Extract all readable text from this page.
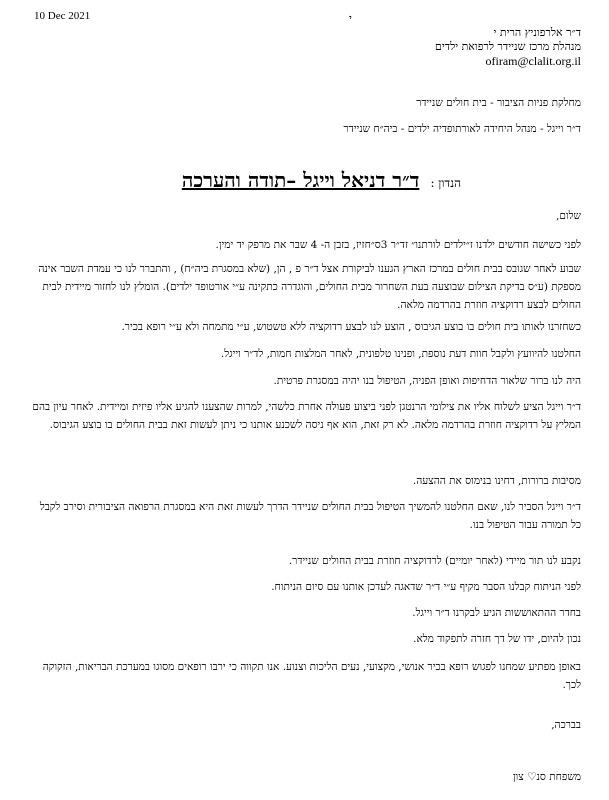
10 Dec 2021	י
ד״ר אלרפוניץ הרית י
מנהלת מרכז שניידר לרפואת ילדים
ofiram@clalit.org.il
מחלקת פניות הציבור - בית חולים שניידר
ד״ר וייגל - מנהל היחידה לאורתופדיה ילדים - ביה״ח שניידר
הנדון : ד״ר דניאל וייגל –תודה והערכה
שלום,
לפני כשישה חודשים ילדנו ז״ילדים לורתנו״ זד״ר 3ס״חזיז, בזבן ה- 4 שבר את מרפק יד ימין.
שבוע לאחר שגובס בבית חולים במרכז הארץ הגענו לביקורת אצל ד״ר פ , הן, (שלא במסגרת ביה״ח) , והתברר לנו כי עמדת השבר אינה מספקת (ע״ס בדיקת הצילום שבוצעה בעת השחרור מבית החולים, והוגדרה כתקינה ע״י אורטופד ילדים). הומלץ לנו לחזור מיידית לבית החולים לבצע רדוקציה חוזרת בהרדמה מלאה.
כשחזרנו לאותו בית חולים בו בוצע הגיבוס , הוצע לנו לבצע רדוקציה ללא טשטוש, ע״י מתמחה ולא ע״י רופא בכיר.
החלטנו להיוועץ ולקבל חוות דעת נוספת, ופנינו טלפונית, לאחר המלצות חמות, לד״ר וייגל.
היה לנו ברור שלאור הדחיפות ואופן הפניה, הטיפול בנו יהיה במסגרת פרטית.
ד״ר וייגל הציע לשלוח אליו את צילומי הרנטגן לפני ביצוע פעולה אחרת כלשהי, למרות שהצענו להגיע אליו פיזית ומיידית. לאחר עיון בהם המליץ על רדוקציה חוזרת בהרדמה מלאה. לא רק זאת, הוא אף ניסה לשכנע אותנו כי ניתן לעשות זאת בבית החולים בו בוצע הגיבוס.
מסיבות ברורות, דחינו בנימוס את ההצעה.
ד״ר וייגל הסביר לנו, שאם החלטנו להמשיך הטיפול בבית החולים שניידר הדרך לעשות זאת היא במסגרת הרפואה הציבורית וסירב לקבל כל תמורה עבור הטיפול בנו.
נקבע לנו תור מיידי (לאחר יומיים) לרדוקציה חוזרת בבית החולים שניידר.
לפני הניתוח קבלנו הסבר מקיף ע״י ד״ר שדאגה לעדכן אותנו עם סיום הניתוח.
בחדר ההתאוששות הגיע לבקרנו ד״ר וייגל.
נכון להיום, ידו של דך חזרה לתפקוד מלא.
באופן מפתיע שמחנו לפגוש רופא בכיר אנושי, מקצועי, נעים הליכות וצנוע. אנו תקווה כי ירבו רופאים מסוגו במערכת הבריאות, הזקוקה לכך.
בברכה,
משפחת סנ♡ צון
